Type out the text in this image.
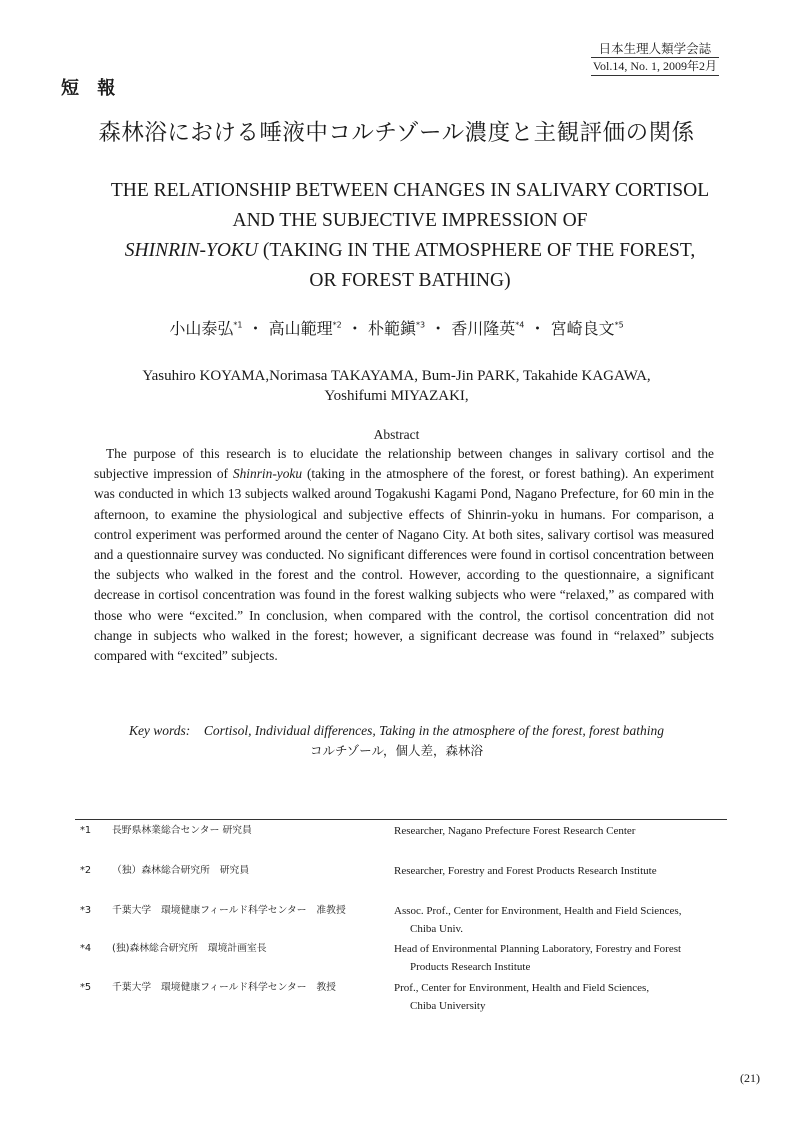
日本生理人類学会誌
Vol.14, No. 1, 2009年2月
短 報
森林浴における唾液中コルチゾール濃度と主観評価の関係
THE RELATIONSHIP BETWEEN CHANGES IN SALIVARY CORTISOL
AND THE SUBJECTIVE IMPRESSION OF
SHINRIN-YOKU (TAKING IN THE ATMOSPHERE OF THE FOREST,
OR FOREST BATHING)
小山泰弘$^{*1}$ ・ 高山範理$^{*2}$ ・ 朴範鎭$^{*3}$ ・ 香川隆英$^{*4}$ ・ 宮崎良文$^{*5}$
Yasuhiro KOYAMA,Norimasa TAKAYAMA, Bum-Jin PARK, Takahide KAGAWA,
Yoshifumi MIYAZAKI,
Abstract

The purpose of this research is to elucidate the relationship between changes in salivary cortisol and the subjective impression of Shinrin-yoku (taking in the atmosphere of the forest, or forest bathing). An experiment was conducted in which 13 subjects walked around Togakushi Kagami Pond, Nagano Prefecture, for 60 min in the afternoon, to examine the physiological and subjective effects of Shinrin-yoku in humans. For comparison, a control experiment was performed around the center of Nagano City. At both sites, salivary cortisol was measured and a questionnaire survey was conducted. No significant differences were found in cortisol concentration between the subjects who walked in the forest and the control. However, according to the questionnaire, a significant decrease in cortisol concentration was found in the forest walking subjects who were “relaxed,” as compared with those who were “excited.” In conclusion, when compared with the control, the cortisol concentration did not change in subjects who walked in the forest; however, a significant decrease was found in “relaxed” subjects compared with “excited” subjects.

Key words: Cortisol, Individual differences, Taking in the atmosphere of the forest, forest bathing
コルチゾール，個人差，森林浴
*1 長野県林業総合センター 研究員	Researcher, Nagano Prefecture Forest Research Center
*2 （独）森林総合研究所　研究員	Researcher, Forestry and Forest Products Research Institute
*3 千葉大学　環境健康フィールド科学センター　准教授	Assoc. Prof., Center for Environment, Health and Field Sciences,
Chiba Univ.
*4 (独)森林総合研究所　環境計画室長	Head of Environmental Planning Laboratory, Forestry and Forest
Products Research Institute
*5 千葉大学　環境健康フィールド科学センター　教授	Prof., Center for Environment, Health and Field Sciences,
Chiba University
(21)
